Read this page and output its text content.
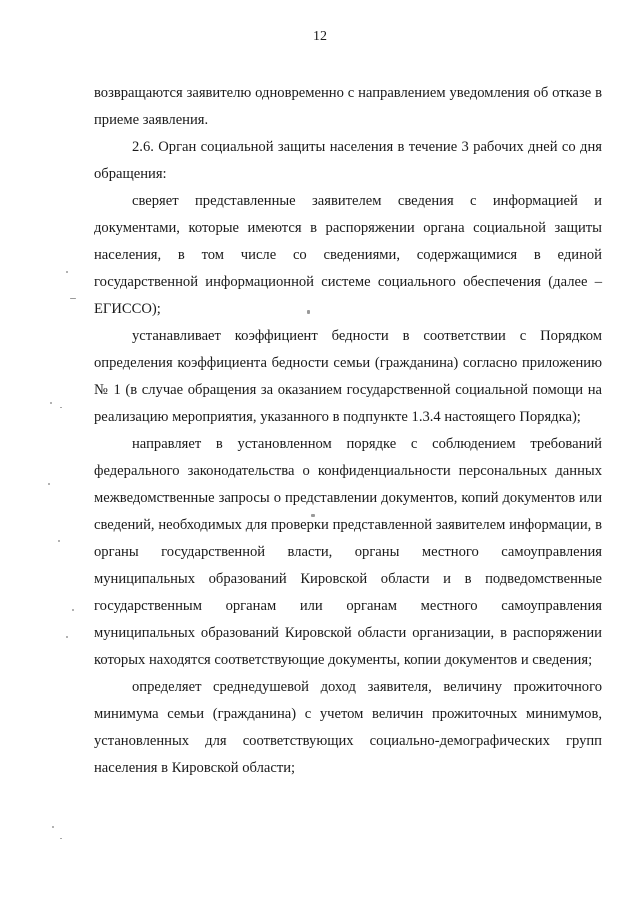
12

возвращаются заявителю одновременно с направлением уведомления об отказе в приеме заявления.

2.6. Орган социальной защиты населения в течение 3 рабочих дней со дня обращения:

сверяет представленные заявителем сведения с информацией и документами, которые имеются в распоряжении органа социальной защиты населения, в том числе со сведениями, содержащимися в единой государственной информационной системе социального обеспечения (далее – ЕГИССО);

устанавливает коэффициент бедности в соответствии с Порядком определения коэффициента бедности семьи (гражданина) согласно приложению № 1 (в случае обращения за оказанием государственной социальной помощи на реализацию мероприятия, указанного в подпункте 1.3.4 настоящего Порядка);

направляет в установленном порядке с соблюдением требований федерального законодательства о конфиденциальности персональных данных межведомственные запросы о представлении документов, копий документов или сведений, необходимых для проверки представленной заявителем информации, в органы государственной власти, органы местного самоуправления муниципальных образований Кировской области и в подведомственные государственным органам или органам местного самоуправления муниципальных образований Кировской области организации, в распоряжении которых находятся соответствующие документы, копии документов и сведения;

определяет среднедушевой доход заявителя, величину прожиточного минимума семьи (гражданина) с учетом величин прожиточных минимумов, установленных для соответствующих социально-демографических групп населения в Кировской области;
